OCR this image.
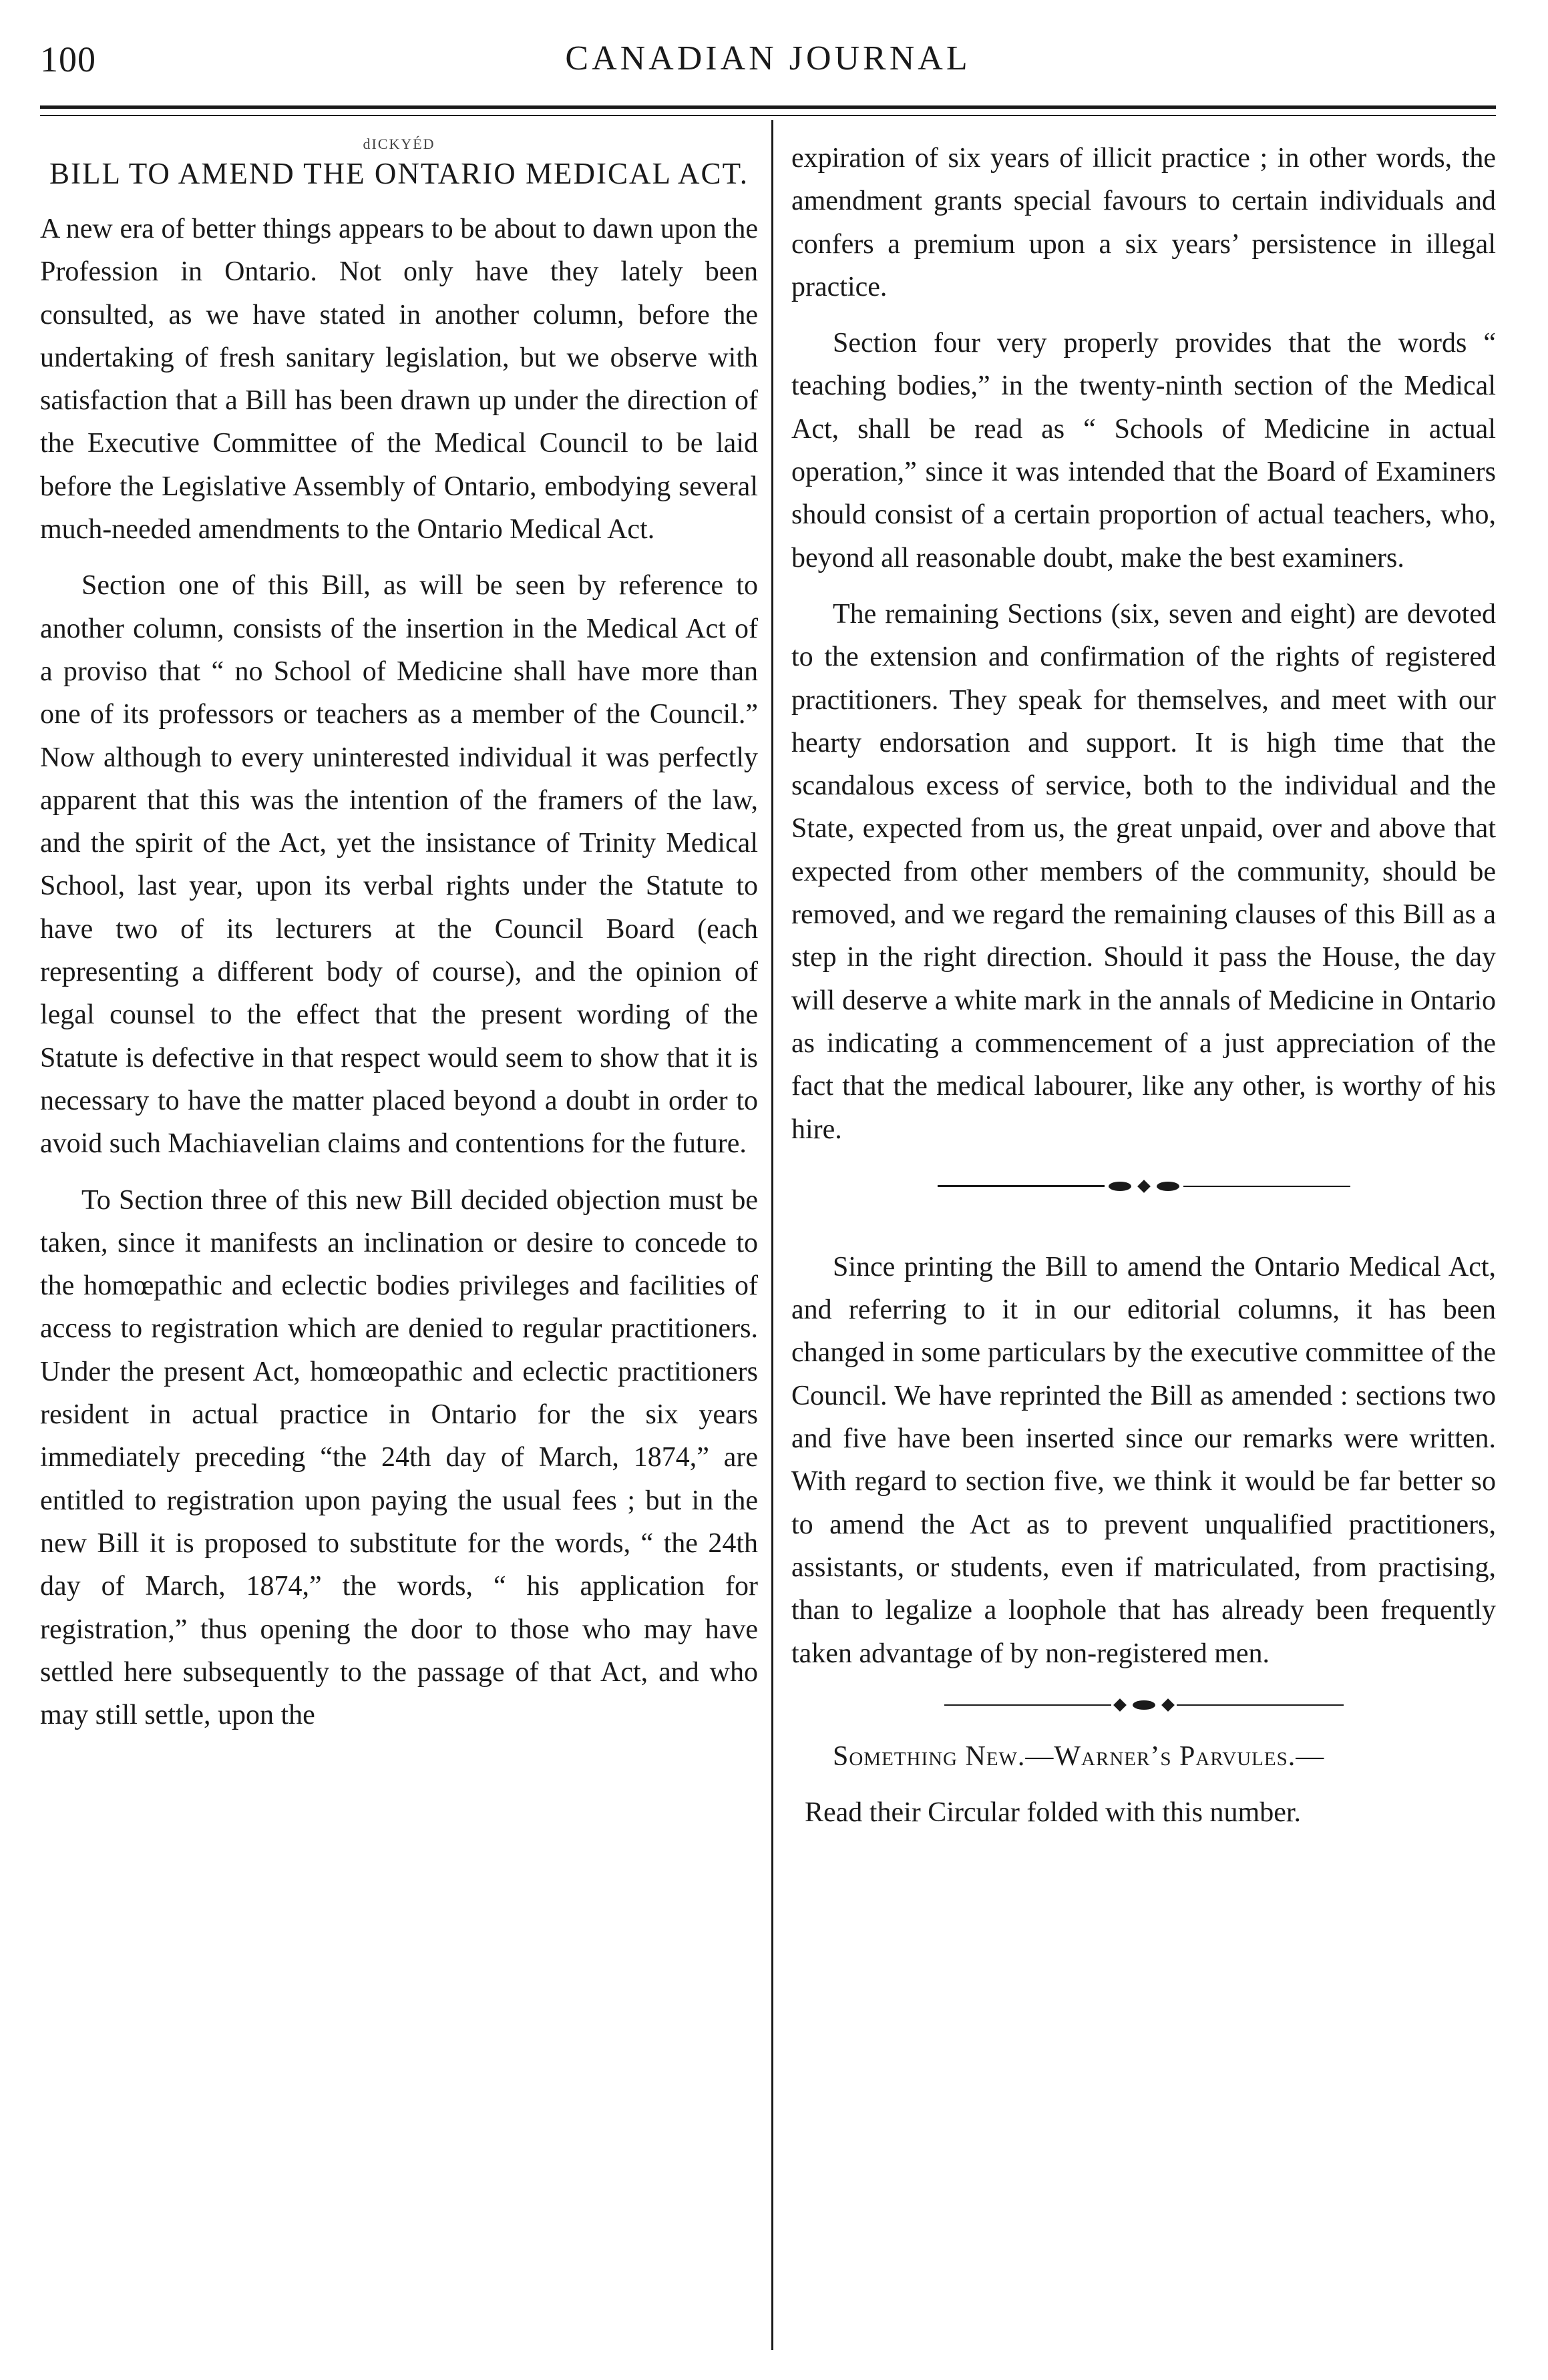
100	CANADIAN JOURNAL
dICKYÉD
BILL TO AMEND THE ONTARIO MEDICAL ACT.

A new era of better things appears to be about to dawn upon the Profession in Ontario. Not only have they lately been consulted, as we have stated in another column, before the undertaking of fresh sanitary legislation, but we observe with satisfaction that a Bill has been drawn up under the direction of the Executive Committee of the Medical Council to be laid before the Legislative Assembly of Ontario, embodying several much-needed amendments to the Ontario Medical Act.

Section one of this Bill, as will be seen by reference to another column, consists of the insertion in the Medical Act of a proviso that “ no School of Medicine shall have more than one of its professors or teachers as a member of the Council.” Now although to every uninterested individual it was perfectly apparent that this was the intention of the framers of the law, and the spirit of the Act, yet the insistance of Trinity Medical School, last year, upon its verbal rights under the Statute to have two of its lecturers at the Council Board (each representing a different body of course), and the opinion of legal counsel to the effect that the present wording of the Statute is defective in that respect would seem to show that it is necessary to have the matter placed beyond a doubt in order to avoid such Machiavelian claims and contentions for the future.

To Section three of this new Bill decided objection must be taken, since it manifests an inclination or desire to concede to the homœpathic and eclectic bodies privileges and facilities of access to registration which are denied to regular practitioners. Under the present Act, homœopathic and eclectic practitioners resident in actual practice in Ontario for the six years immediately preceding “the 24th day of March, 1874,” are entitled to registration upon paying the usual fees ; but in the new Bill it is proposed to substitute for the words, “ the 24th day of March, 1874,” the words, “ his application for registration,” thus opening the door to those who may have settled here subsequently to the passage of that Act, and who may still settle, upon the

expiration of six years of illicit practice ; in other words, the amendment grants special favours to certain individuals and confers a premium upon a six years’ persistence in illegal practice.

Section four very properly provides that the words “ teaching bodies,” in the twenty-ninth section of the Medical Act, shall be read as “ Schools of Medicine in actual operation,” since it was intended that the Board of Examiners should consist of a certain proportion of actual teachers, who, beyond all reasonable doubt, make the best examiners.

The remaining Sections (six, seven and eight) are devoted to the extension and confirmation of the rights of registered practitioners. They speak for themselves, and meet with our hearty endorsation and support. It is high time that the scandalous excess of service, both to the individual and the State, expected from us, the great unpaid, over and above that expected from other members of the community, should be removed, and we regard the remaining clauses of this Bill as a step in the right direction. Should it pass the House, the day will deserve a white mark in the annals of Medicine in Ontario as indicating a commencement of a just appreciation of the fact that the medical labourer, like any other, is worthy of his hire.

Since printing the Bill to amend the Ontario Medical Act, and referring to it in our editorial columns, it has been changed in some particulars by the executive committee of the Council. We have reprinted the Bill as amended : sections two and five have been inserted since our remarks were written. With regard to section five, we think it would be far better so to amend the Act as to prevent unqualified practitioners, assistants, or students, even if matriculated, from practising, than to legalize a loophole that has already been frequently taken advantage of by non-registered men.

Something New.—Warner’s Parvules.—

Read their Circular folded with this number.
